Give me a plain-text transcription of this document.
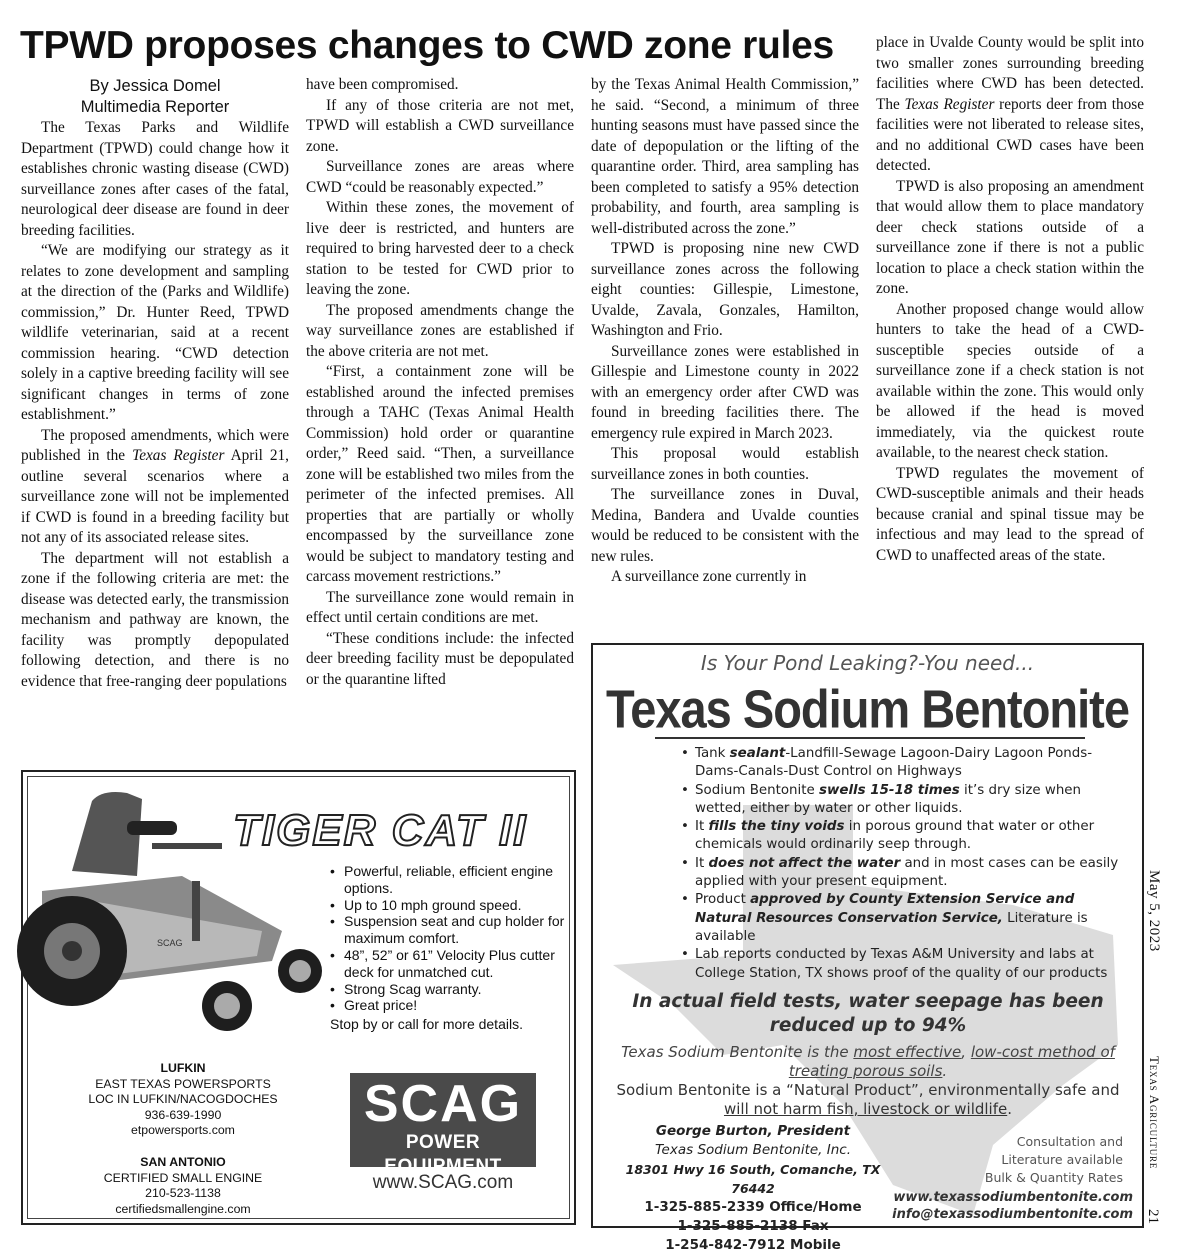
TPWD proposes changes to CWD zone rules

By Jessica Domel

Multimedia Reporter

The Texas Parks and Wildlife Department (TPWD) could change how it establishes chronic wasting disease (CWD) surveillance zones after cases of the fatal, neurological deer disease are found in deer breeding facilities.

“We are modifying our strategy as it relates to zone development and sampling at the direction of the (Parks and Wildlife) commission,” Dr. Hunter Reed, TPWD wildlife veterinarian, said at a recent commission hearing. “CWD detection solely in a captive breeding facility will see significant changes in terms of zone establishment.”

The proposed amendments, which were published in the Texas Register April 21, outline several scenarios where a surveillance zone will not be implemented if CWD is found in a breeding facility but not any of its associated release sites.

The department will not establish a zone if the following criteria are met: the disease was detected early, the transmission mechanism and pathway are known, the facility was promptly depopulated following detection, and there is no evidence that free-ranging deer populations

have been compromised.

If any of those criteria are not met, TPWD will establish a CWD surveillance zone.

Surveillance zones are areas where CWD “could be reasonably expected.”

Within these zones, the movement of live deer is restricted, and hunters are required to bring harvested deer to a check station to be tested for CWD prior to leaving the zone.

The proposed amendments change the way surveillance zones are established if the above criteria are not met.

“First, a containment zone will be established around the infected premises through a TAHC (Texas Animal Health Commission) hold order or quarantine order,” Reed said. “Then, a surveillance zone will be established two miles from the perimeter of the infected premises. All properties that are partially or wholly encompassed by the surveillance zone would be subject to mandatory testing and carcass movement restrictions.”

The surveillance zone would remain in effect until certain conditions are met.

“These conditions include: the infected deer breeding facility must be depopulated or the quarantine lifted

by the Texas Animal Health Commission,” he said. “Second, a minimum of three hunting seasons must have passed since the date of depopulation or the lifting of the quarantine order. Third, area sampling has been completed to satisfy a 95% detection probability, and fourth, area sampling is well-distributed across the zone.”

TPWD is proposing nine new CWD surveillance zones across the following eight counties: Gillespie, Limestone, Uvalde, Zavala, Gonzales, Hamilton, Washington and Frio.

Surveillance zones were established in Gillespie and Limestone county in 2022 with an emergency order after CWD was found in breeding facilities there. The emergency rule expired in March 2023.

This proposal would establish surveillance zones in both counties.

The surveillance zones in Duval, Medina, Bandera and Uvalde counties would be reduced to be consistent with the new rules.

A surveillance zone currently in

place in Uvalde County would be split into two smaller zones surrounding breeding facilities where CWD has been detected. The Texas Register reports deer from those facilities were not liberated to release sites, and no additional CWD cases have been detected.

TPWD is also proposing an amendment that would allow them to place mandatory deer check stations outside of a surveillance zone if there is not a public location to place a check station within the zone.

Another proposed change would allow hunters to take the head of a CWD-susceptible species outside of a surveillance zone if a check station is not available within the zone. This would only be allowed if the head is moved immediately, via the quickest route available, to the nearest check station.

TPWD regulates the movement of CWD-susceptible animals and their heads because cranial and spinal tissue may be infectious and may lead to the spread of CWD to unaffected areas of the state.

SCAG
TIGER CAT II
• Powerful, reliable, efficient engine options.
• Up to 10 mph ground speed.
• Suspension seat and cup holder for maximum comfort.
• 48”, 52” or 61” Velocity Plus cutter deck for unmatched cut.
• Strong Scag warranty.
• Great price!
Stop by or call for more details.
LUFKIN
EAST TEXAS POWERSPORTS
LOC IN LUFKIN/NACOGDOCHES
936-639-1990
etpowersports.com
SAN ANTONIO
CERTIFIED SMALL ENGINE
210-523-1138
certifiedsmallengine.com
SCAG
POWER EQUIPMENT
www.SCAG.com
Is Your Pond Leaking?-You need...
Texas Sodium Bentonite
• Tank sealant-Landfill-Sewage Lagoon-Dairy Lagoon Ponds-Dams-Canals-Dust Control on Highways
• Sodium Bentonite swells 15-18 times it’s dry size when wetted, either by water or other liquids.
• It fills the tiny voids in porous ground that water or other chemicals would ordinarily seep through.
• It does not affect the water and in most cases can be easily applied with your present equipment.
• Product approved by County Extension Service and Natural Resources Conservation Service, Literature is available
• Lab reports conducted by Texas A&M University and labs at College Station, TX shows proof of the quality of our products
In actual field tests, water seepage has been reduced up to 94%
Texas Sodium Bentonite is the most effective, low-cost method of treating porous soils.
Sodium Bentonite is a “Natural Product”, environmentally safe and will not harm fish, livestock or wildlife.
George Burton, President
Texas Sodium Bentonite, Inc.
18301 Hwy 16 South, Comanche, TX 76442
1-325-885-2339 Office/Home
1-325-885-2138 Fax
1-254-842-7912 Mobile
Consultation and
Literature available
Bulk & Quantity Rates
www.texassodiumbentonite.com
info@texassodiumbentonite.com
May 5, 2023
Texas Agriculture
21
